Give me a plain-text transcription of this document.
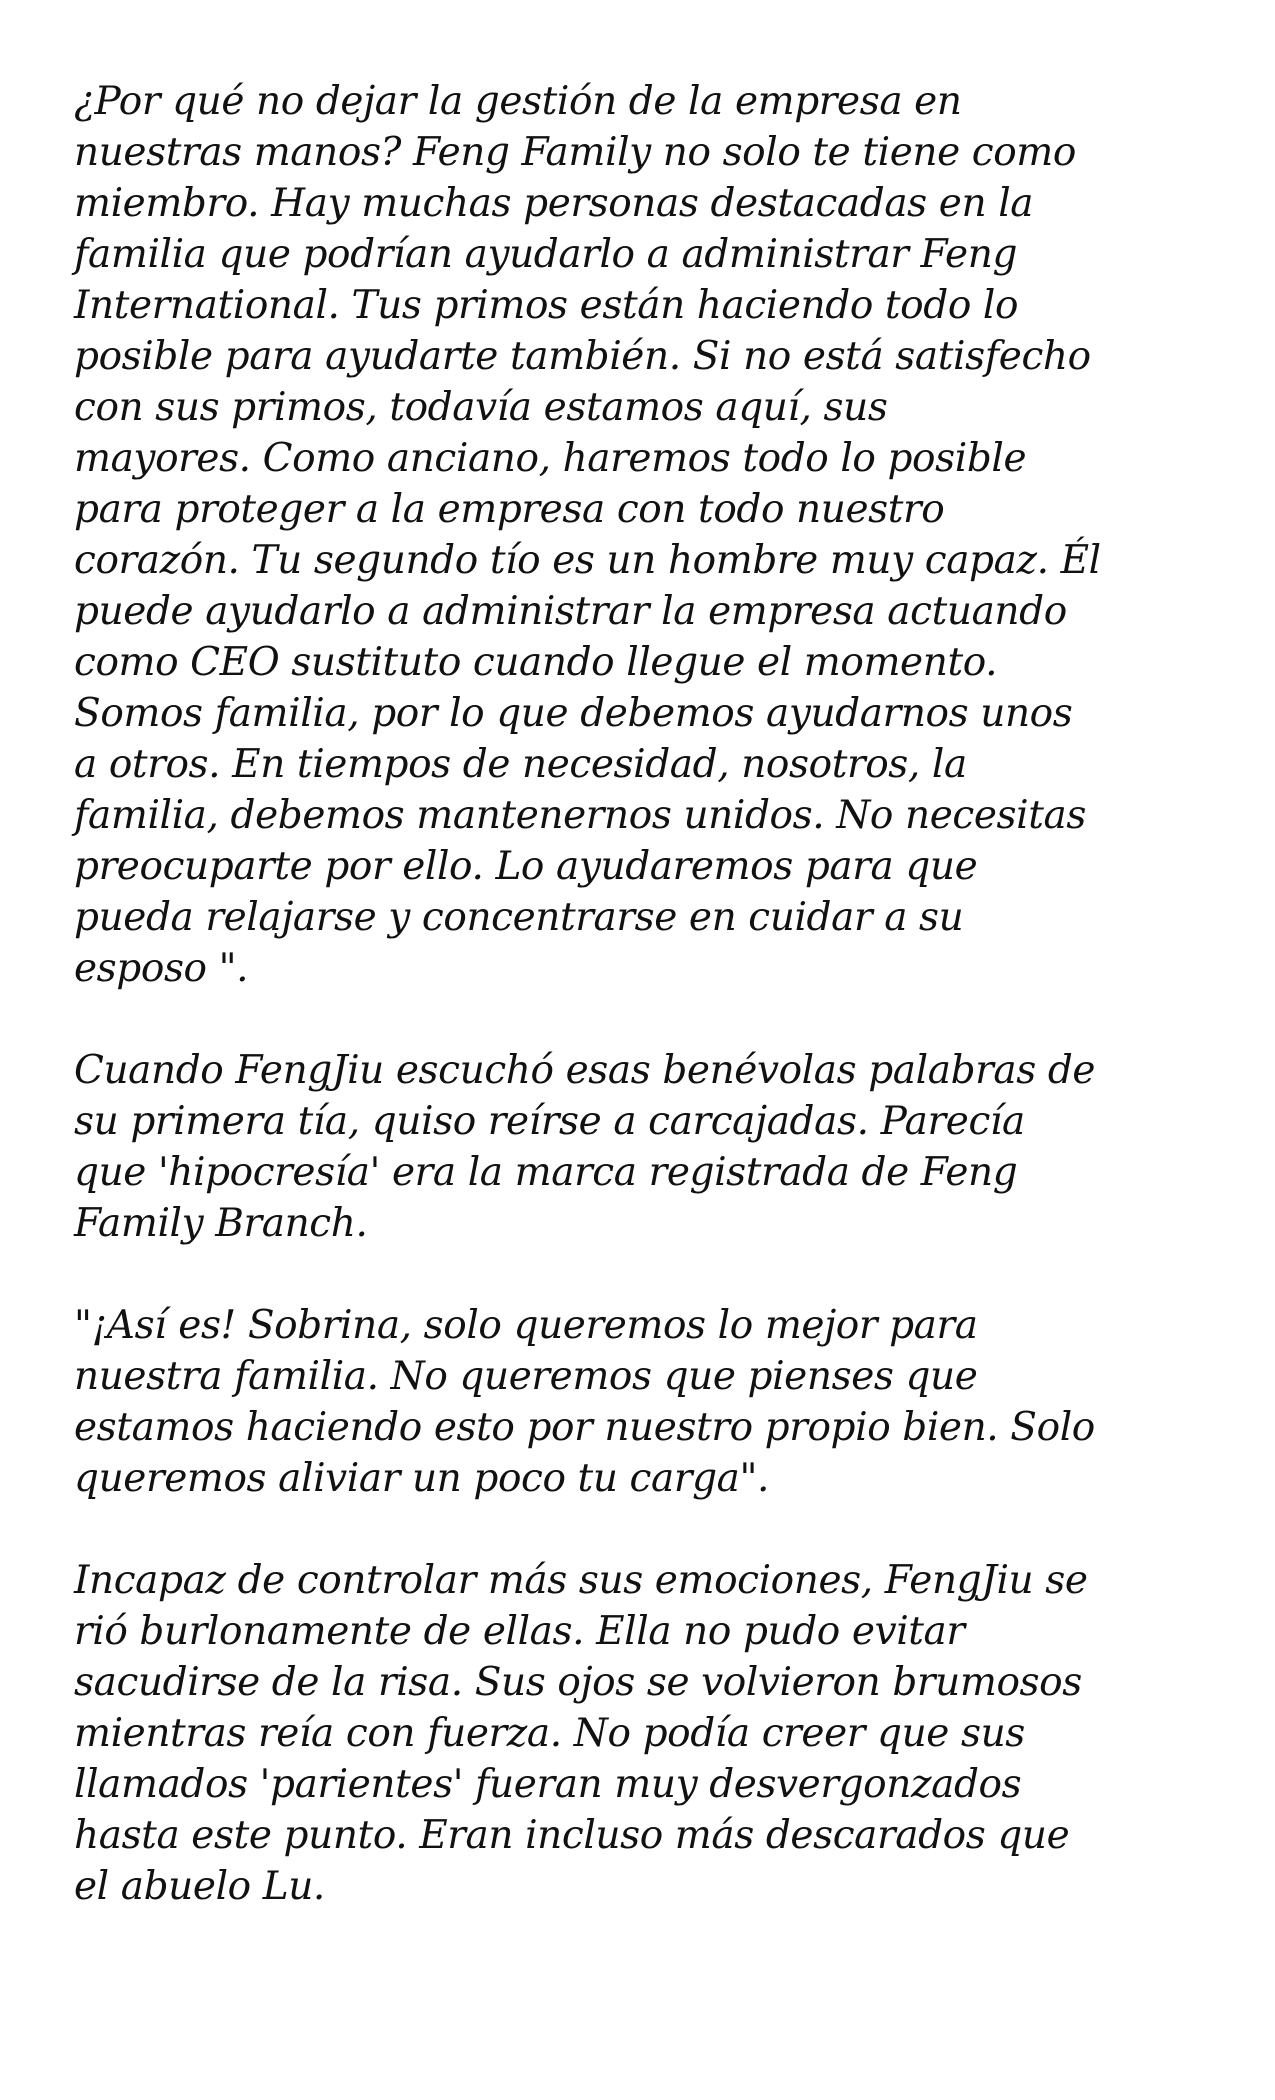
¿Por qué no dejar la gestión de la empresa en
nuestras manos? Feng Family no solo te tiene como
miembro. Hay muchas personas destacadas en la
familia que podrían ayudarlo a administrar Feng
International. Tus primos están haciendo todo lo
posible para ayudarte también. Si no está satisfecho
con sus primos, todavía estamos aquí, sus
mayores. Como anciano, haremos todo lo posible
para proteger a la empresa con todo nuestro
corazón. Tu segundo tío es un hombre muy capaz. Él
puede ayudarlo a administrar la empresa actuando
como CEO sustituto cuando llegue el momento.
Somos familia, por lo que debemos ayudarnos unos
a otros. En tiempos de necesidad, nosotros, la
familia, debemos mantenernos unidos. No necesitas
preocuparte por ello. Lo ayudaremos para que
pueda relajarse y concentrarse en cuidar a su
esposo ".

Cuando FengJiu escuchó esas benévolas palabras de
su primera tía, quiso reírse a carcajadas. Parecía
que 'hipocresía' era la marca registrada de Feng
Family Branch.

"¡Así es! Sobrina, solo queremos lo mejor para
nuestra familia. No queremos que pienses que
estamos haciendo esto por nuestro propio bien. Solo
queremos aliviar un poco tu carga".

Incapaz de controlar más sus emociones, FengJiu se
rió burlonamente de ellas. Ella no pudo evitar
sacudirse de la risa. Sus ojos se volvieron brumosos
mientras reía con fuerza. No podía creer que sus
llamados 'parientes' fueran muy desvergonzados
hasta este punto. Eran incluso más descarados que
el abuelo Lu.
